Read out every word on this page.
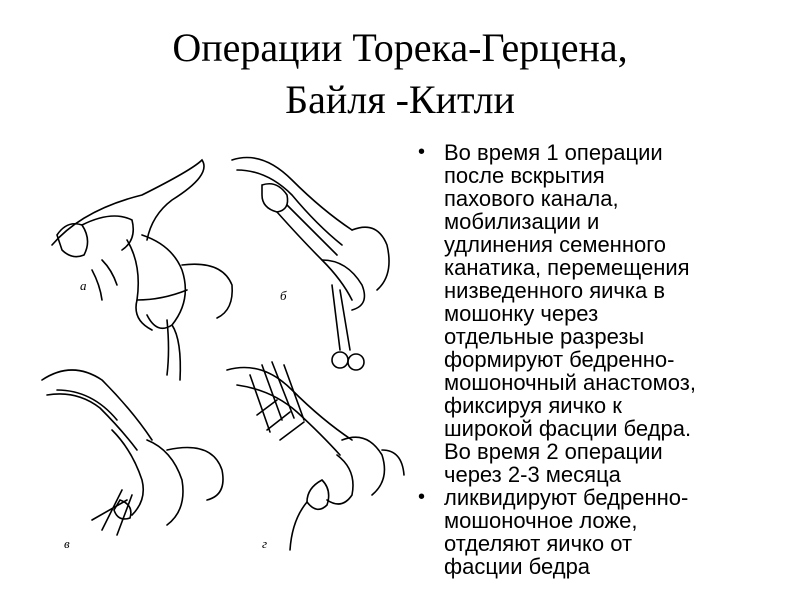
Операции Торека-Герцена,
Байля -Китли
а
б
в	г
• Во время 1 операции
после вскрытия
пахового канала,
мобилизации и
удлинения семенного
канатика, перемещения
низведенного яичка в
мошонку через
отдельные разрезы
формируют бедренно-
мошоночный анастомоз,
фиксируя яичко к
широкой фасции бедра.
Во время 2 операции
через 2-3 месяца
• ликвидируют бедренно-
мошоночное ложе,
отделяют яичко от
фасции бедра
